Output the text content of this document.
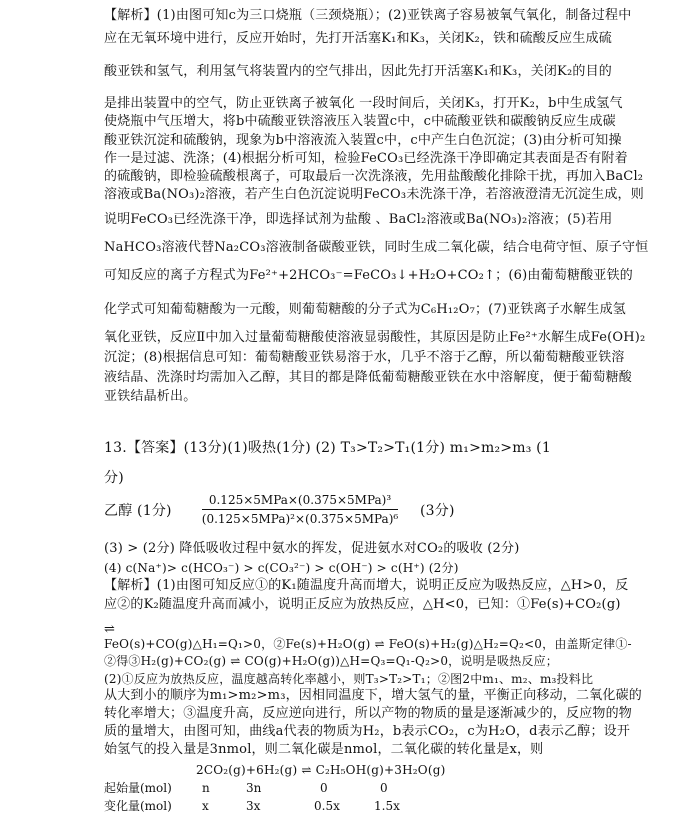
【解析】(1)由图可知c为三口烧瓶（三颈烧瓶）；(2)亚铁离子容易被氧气氧化，制备过程中
应在无氧环境中进行，反应开始时，先打开活塞K₁和K₃，关闭K₂，铁和硫酸反应生成硫
酸亚铁和氢气，利用氢气将装置内的空气排出，因此先打开活塞K₁和K₃，关闭K₂的目的
是排出装置中的空气，防止亚铁离子被氧化 一段时间后，关闭K₃，打开K₂，b中生成氢气
使烧瓶中气压增大，将b中硫酸亚铁溶液压入装置c中，c中硫酸亚铁和碳酸钠反应生成碳
酸亚铁沉淀和硫酸钠，现象为b中溶液流入装置c中，c中产生白色沉淀；(3)由分析可知操
作一是过滤、洗涤；(4)根据分析可知，检验FeCO₃已经洗涤干净即确定其表面是否有附着
的硫酸钠，即检验硫酸根离子，可取最后一次洗涤液，先用盐酸酸化排除干扰，再加入BaCl₂
溶液或Ba(NO₃)₂溶液，若产生白色沉淀说明FeCO₃未洗涤干净，若溶液澄清无沉淀生成，则
说明FeCO₃已经洗涤干净，即选择试剂为盐酸 、BaCl₂溶液或Ba(NO₃)₂溶液；(5)若用
NaHCO₃溶液代替Na₂CO₃溶液制备碳酸亚铁，同时生成二氧化碳，结合电荷守恒、原子守恒
可知反应的离子方程式为Fe²⁺+2HCO₃⁻=FeCO₃↓+H₂O+CO₂↑；(6)由葡萄糖酸亚铁的
化学式可知葡萄糖酸为一元酸，则葡萄糖酸的分子式为C₆H₁₂O₇；(7)亚铁离子水解生成氢
氧化亚铁，反应Ⅱ中加入过量葡萄糖酸使溶液显弱酸性，其原因是防止Fe²⁺水解生成Fe(OH)₂
沉淀；(8)根据信息可知：葡萄糖酸亚铁易溶于水，几乎不溶于乙醇，所以葡萄糖酸亚铁溶
液结晶、洗涤时均需加入乙醇，其目的都是降低葡萄糖酸亚铁在水中溶解度，便于葡萄糖酸
亚铁结晶析出。
13.【答案】(13分)(1)吸热(1分) (2) T₃>T₂>T₁(1分) m₁>m₂>m₃ (1
分)
乙醇 (1分)
0.125×5MPa×(0.375×5MPa)³
(0.125×5MPa)²×(0.375×5MPa)⁶ (3分)
(3) > (2分) 降低吸收过程中氨水的挥发，促进氨水对CO₂的吸收 (2分)
(4) c(Na⁺)> c(HCO₃⁻) > c(CO₃²⁻) > c(OH⁻) > c(H⁺) (2分)
【解析】(1)由图可知反应①的K₁随温度升高而增大，说明正反应为吸热反应，△H>0，反
应②的K₂随温度升高而减小，说明正反应为放热反应，△H<0，已知：①Fe(s)+CO₂(g)
⇌
FeO(s)+CO(g)△H₁=Q₁>0，②Fe(s)+H₂O(g) ⇌ FeO(s)+H₂(g)△H₂=Q₂<0，由盖斯定律①-
②得③H₂(g)+CO₂(g) ⇌ CO(g)+H₂O(g))△H=Q₃=Q₁-Q₂>0，说明是吸热反应；
(2)①反应为放热反应，温度越高转化率越小，则T₃>T₂>T₁；②图2中m₁、m₂、m₃投料比
从大到小的顺序为m₁>m₂>m₃，因相同温度下，增大氢气的量，平衡正向移动，二氧化碳的
转化率增大；③温度升高，反应逆向进行，所以产物的物质的量是逐渐减少的，反应物的物
质的量增大，由图可知，曲线a代表的物质为H₂，b表示CO₂，c为H₂O，d表示乙醇；设开
始氢气的投入量是3nmol，则二氧化碳是nmol，二氧化碳的转化量是x，则
2CO₂(g)+6H₂(g) ⇌ C₂H₅OH(g)+3H₂O(g)
起始量(mol)	n	3n	0	0
变化量(mol)	x	3x	0.5x	1.5x
